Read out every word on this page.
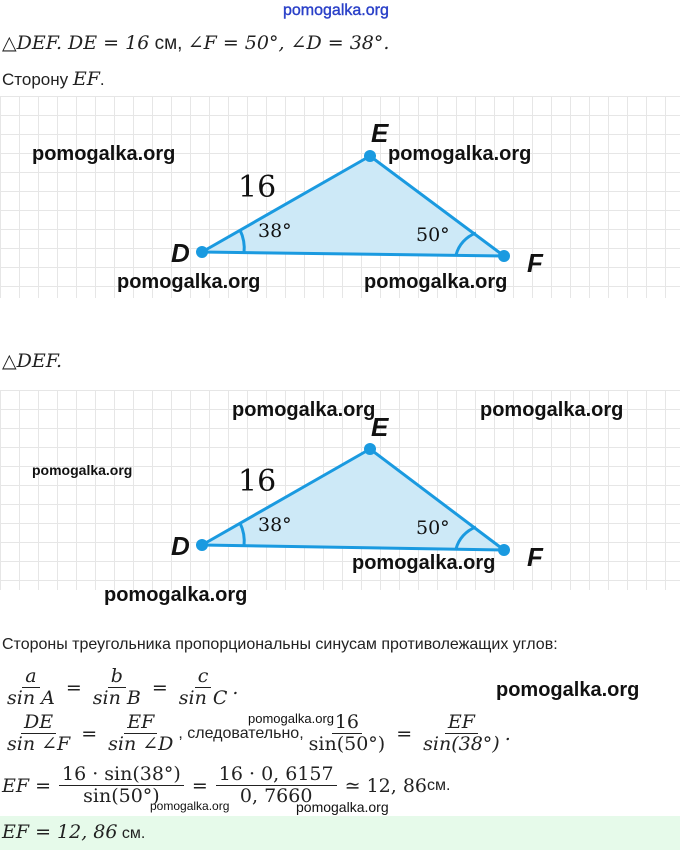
pomogalka.org
△DEF. DE = 16 см, ∠F = 50°, ∠D = 38°.
Сторону EF.
E
D	F
16
38°	50°
pomogalka.org	pomogalka.org
pomogalka.org	pomogalka.org
△DEF.
E
D	F
16
38°	50°
pomogalka.org	pomogalka.org
pomogalka.org
pomogalka.org
pomogalka.org
Стороны треугольника пропорциональны синусам противолежащих углов:
$\frac{a}{\text{sin A}} = \frac{b}{\text{sin B}} = \frac{c}{\text{sin C}}$ .	pomogalka.org
$\frac{DE}{\sin \angle F} = \frac{EF}{\sin \angle D}$ , следовательно, $\frac{16}{\sin(50^\circ)} = \frac{EF}{\sin(38^\circ)}$ .
pomogalka.org
EF = $\frac{16 \cdot \sin(38^\circ)}{\sin(50^\circ)} = \frac{16 \cdot 0, 6157}{0, 7660}$ ≃ 12, 86 см.
pomogalka.org	pomogalka.org
EF = 12, 86 см.
